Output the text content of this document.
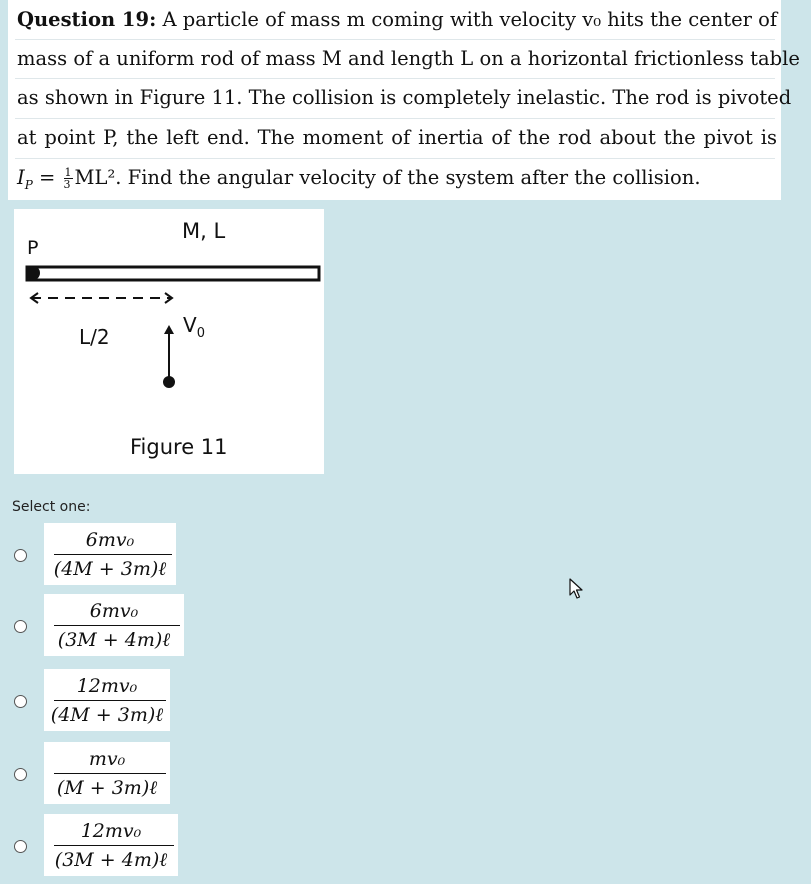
Question 19: A particle of mass m coming with velocity v₀ hits the center of
mass of a uniform rod of mass M and length L on a horizontal frictionless table
as shown in Figure 11. The collision is completely inelastic. The rod is pivoted
at point P, the left end. The moment of inertia of the rod about the pivot is
$I_P = \frac{1}{3} ML^2$. Find the angular velocity of the system after the collision.
M, L
P
L/2	$V_0$
Figure 11
Select one:
6mv₀
(4M + 3m)ℓ
6mv₀
(3M + 4m)ℓ
12mv₀
(4M + 3m)ℓ
mv₀
(M + 3m)ℓ
12mv₀
(3M + 4m)ℓ
